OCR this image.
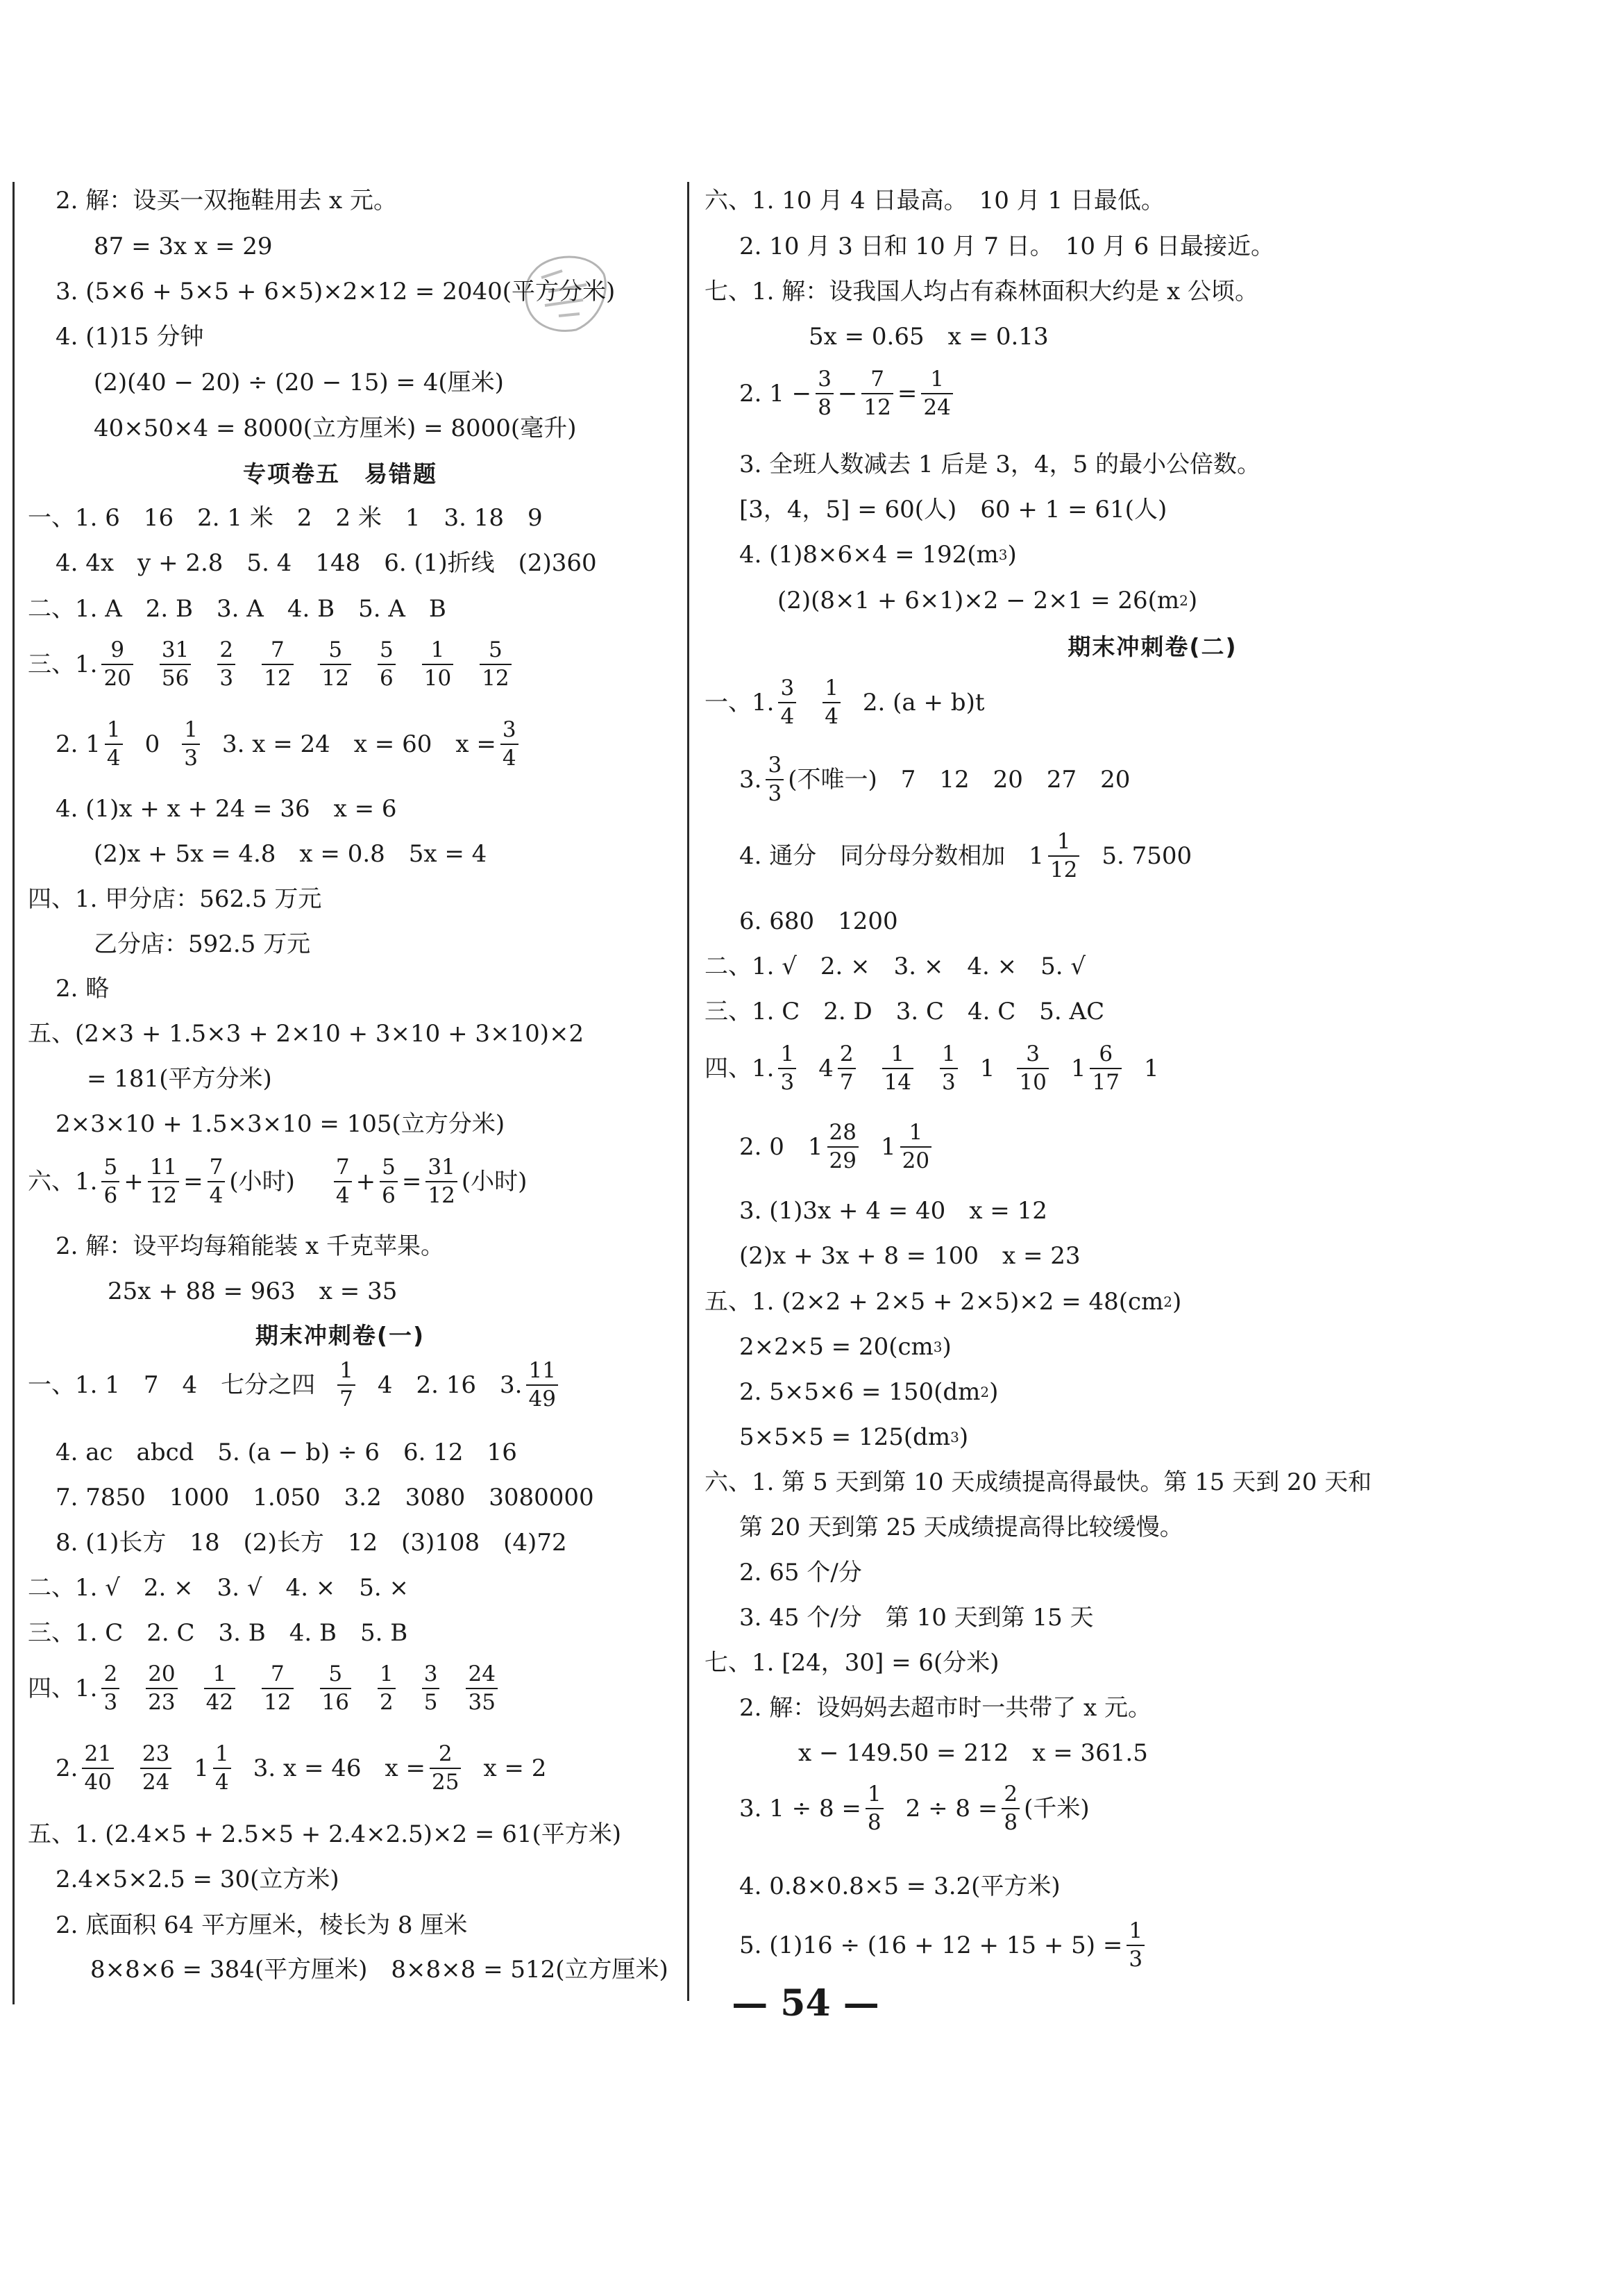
2. 解：设买一双拖鞋用去 x 元。
87 = 3x x = 29
3. (5×6 + 5×5 + 6×5)×2×12 = 2040(平方分米)
4. (1)15 分钟
(2)(40 − 20) ÷ (20 − 15) = 4(厘米)
40×50×4 = 8000(立方厘米) = 8000(毫升)
专项卷五　易错题
一、1. 6　16　2. 1 米　2　2 米　1　3. 18　9
4. 4x　y + 2.8　5. 4　148　6. (1)折线　(2)360
二、1. A　2. B　3. A　4. B　5. A　B
三、1. $\frac{9}{20} \frac{31}{56} \frac{2}{3} \frac{7}{12} \frac{5}{12} \frac{5}{6} \frac{1}{10} \frac{5}{12}$
2. $1 \frac{1}{4} 0 \frac{1}{3} 3$. x = 24　x = 60　$x = \frac{3}{4}$
4. (1)x + x + 24 = 36　x = 6
(2)x + 5x = 4.8　x = 0.8　5x = 4
四、1. 甲分店：562.5 万元
乙分店：592.5 万元
2. 略
五、(2×3 + 1.5×3 + 2×10 + 3×10 + 3×10)×2
= 181(平方分米)
2×3×10 + 1.5×3×10 = 105(立方分米)
六、1. $\frac{5}{6} + \frac{11}{12} = \frac{7}{4}$ (小时) $\frac{7}{4} + \frac{5}{6} = \frac{31}{12}$ (小时)
2. 解：设平均每箱能装 x 千克苹果。
25x + 88 = 963　x = 35
期末冲刺卷(一)
一、1. 1　7　4　七分之四 $\frac{1}{7} 4$　2. 16　3. $\frac{11}{49}$
4. ac　abcd　5. (a − b) ÷ 6　6. 12　16
7. 7850　1000　1.050　3.2　3080　3080000
8. (1)长方　18　(2)长方　12　(3)108　(4)72
二、1. √　2. ×　3. √　4. ×　5. ×
三、1. C　2. C　3. B　4. B　5. B
四、1. $\frac{2}{3} \frac{20}{23} \frac{1}{42} \frac{7}{12} \frac{5}{16} \frac{1}{2} \frac{3}{5} \frac{24}{35}$
2. $\frac{21}{40} \frac{23}{24} 1 \frac{1}{4} 3$. x = 46　$x = \frac{2}{25}$ x = 2
五、1. (2.4×5 + 2.5×5 + 2.4×2.5)×2 = 61(平方米)
2.4×5×2.5 = 30(立方米)
2. 底面积 64 平方厘米，棱长为 8 厘米
8×8×6 = 384(平方厘米)　8×8×8 = 512(立方厘米)
六、1. 10 月 4 日最高。　10 月 1 日最低。
2. 10 月 3 日和 10 月 7 日。　10 月 6 日最接近。
七、1. 解：设我国人均占有森林面积大约是 x 公顷。
5x = 0.65　x = 0.13
2. $1 - \frac{3}{8} - \frac{7}{12} = \frac{1}{24}$
3. 全班人数减去 1 后是 3，4，5 的最小公倍数。
[3，4，5] = 60(人)　60 + 1 = 61(人)
4. (1)8×6×4 = 192(m 3 )
(2)(8×1 + 6×1)×2 − 2×1 = 26(m 2 )
期末冲刺卷(二)
一、1. $\frac{3}{4} \frac{1}{4} 2$. (a + b)t
3. $\frac{3}{3}$ (不唯一)　7　12　20　27　20
4. 通分　同分母分数相加　$1 \frac{1}{12} 5$. 7500
6. 680　1200
二、1. √　2. ×　3. ×　4. ×　5. √
三、1. C　2. D　3. C　4. C　5. AC
四、1. $\frac{1}{3} 4 \frac{2}{7} \frac{1}{14} \frac{1}{3} 1 \frac{3}{10} 1 \frac{6}{17} 1$
2. 0　$1 \frac{28}{29} 1 \frac{1}{20}$
3. (1)3x + 4 = 40　x = 12
(2)x + 3x + 8 = 100　x = 23
五、1. (2×2 + 2×5 + 2×5)×2 = 48(cm 2 )
2×2×5 = 20(cm 3 )
2. 5×5×6 = 150(dm 2 )
5×5×5 = 125(dm 3 )
六、1. 第 5 天到第 10 天成绩提高得最快。第 15 天到 20 天和
第 20 天到第 25 天成绩提高得比较缓慢。
2. 65 个/分
3. 45 个/分　第 10 天到第 15 天
七、1. [24，30] = 6(分米)
2. 解：设妈妈去超市时一共带了 x 元。
x − 149.50 = 212　x = 361.5
3. $1 \div 8 = \frac{1}{8} 2 \div 8 = \frac{2}{8}$ (千米)
4. 0.8×0.8×5 = 3.2(平方米)
5. $(1)16 \div (16 + 12 + 15 + 5) = \frac{1}{3}$
— 54 —
